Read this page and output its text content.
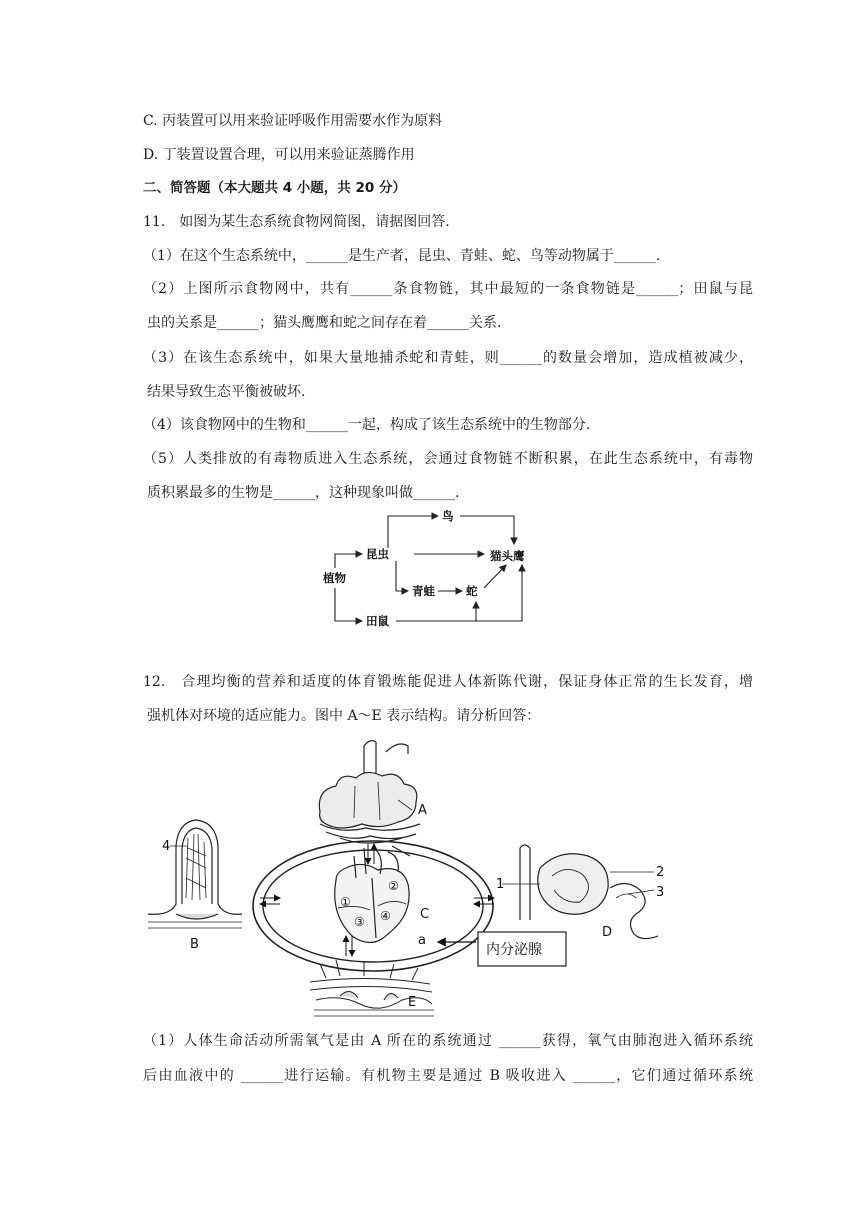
C. 丙装置可以用来验证呼吸作用需要水作为原料
D. 丁装置设置合理，可以用来验证蒸腾作用
二、简答题（本大题共 4 小题，共 20 分）
11.　如图为某生态系统食物网简图，请据图回答.
（1）在这个生态系统中，______是生产者，昆虫、青蛙、蛇、鸟等动物属于______.
（2）上图所示食物网中，共有______条食物链，其中最短的一条食物链是______；田鼠与昆
虫的关系是______；猫头鹰鹰和蛇之间存在着______关系.
（3）在该生态系统中，如果大量地捕杀蛇和青蛙，则______的数量会增加，造成植被减少，
结果导致生态平衡被破坏.
（4）该食物网中的生物和______一起，构成了该生态系统中的生物部分.
（5）人类排放的有毒物质进入生态系统，会通过食物链不断积累，在此生态系统中，有毒物
质积累最多的生物是______，这种现象叫做______.
植物
昆虫
鸟
青蛙	蛇
猫头鹰
田鼠
12.　合理均衡的营养和适度的体育锻炼能促进人体新陈代谢，保证身体正常的生长发育，增
强机体对环境的适应能力。图中 A～E 表示结构。请分析回答：
①
②
③ ④
A
B
C
D
E
4
1
2
3
a
内分泌腺
（1）人体生命活动所需氧气是由 A 所在的系统通过 ______获得，氧气由肺泡进入循环系统
后由血液中的 ______进行运输。有机物主要是通过 B 吸收进入 ______，它们通过循环系统
